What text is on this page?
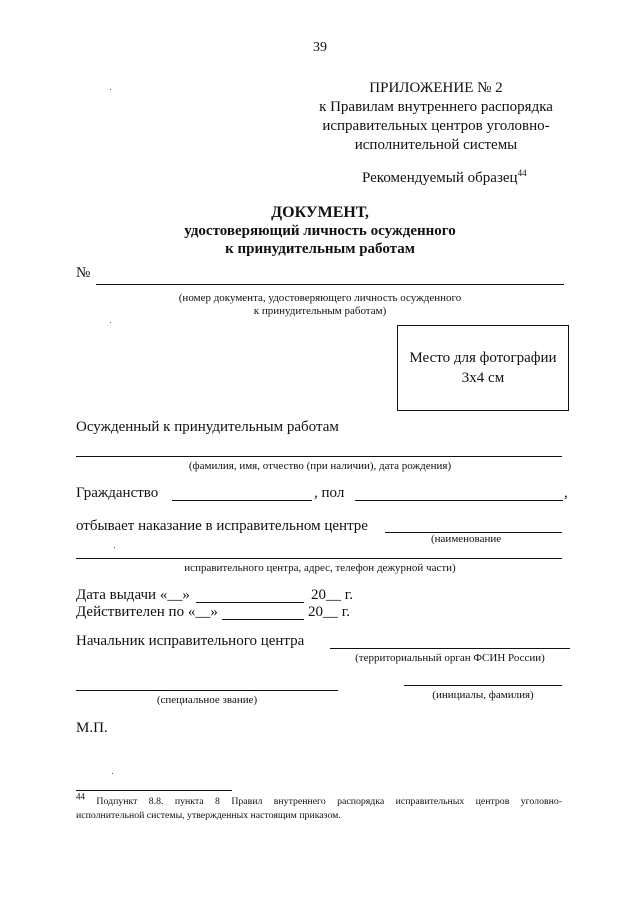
39
ПРИЛОЖЕНИЕ № 2
к Правилам внутреннего распорядка
исправительных центров уголовно-
исполнительной системы
Рекомендуемый образец$^{44}$
ДОКУМЕНТ,
удостоверяющий личность осужденного
к принудительным работам
№
(номер документа, удостоверяющего личность осужденного
к принудительным работам)
Место для фотографии
3х4 см
Осужденный к принудительным работам
(фамилия, имя, отчество (при наличии), дата рождения)
Гражданство	, пол	,
отбывает наказание в исправительном центре
(наименование
исправительного центра, адрес, телефон дежурной части)
Дата выдачи «__»	20__ г.
Действителен по «__»	20__ г.
Начальник исправительного центра
(территориальный орган ФСИН России)
(специальное звание)	(инициалы, фамилия)
М.П.
44 Подпункт 8.8. пункта 8 Правил внутреннего распорядка исправительных центров уголовно-
исполнительной системы, утвержденных настоящим приказом.
